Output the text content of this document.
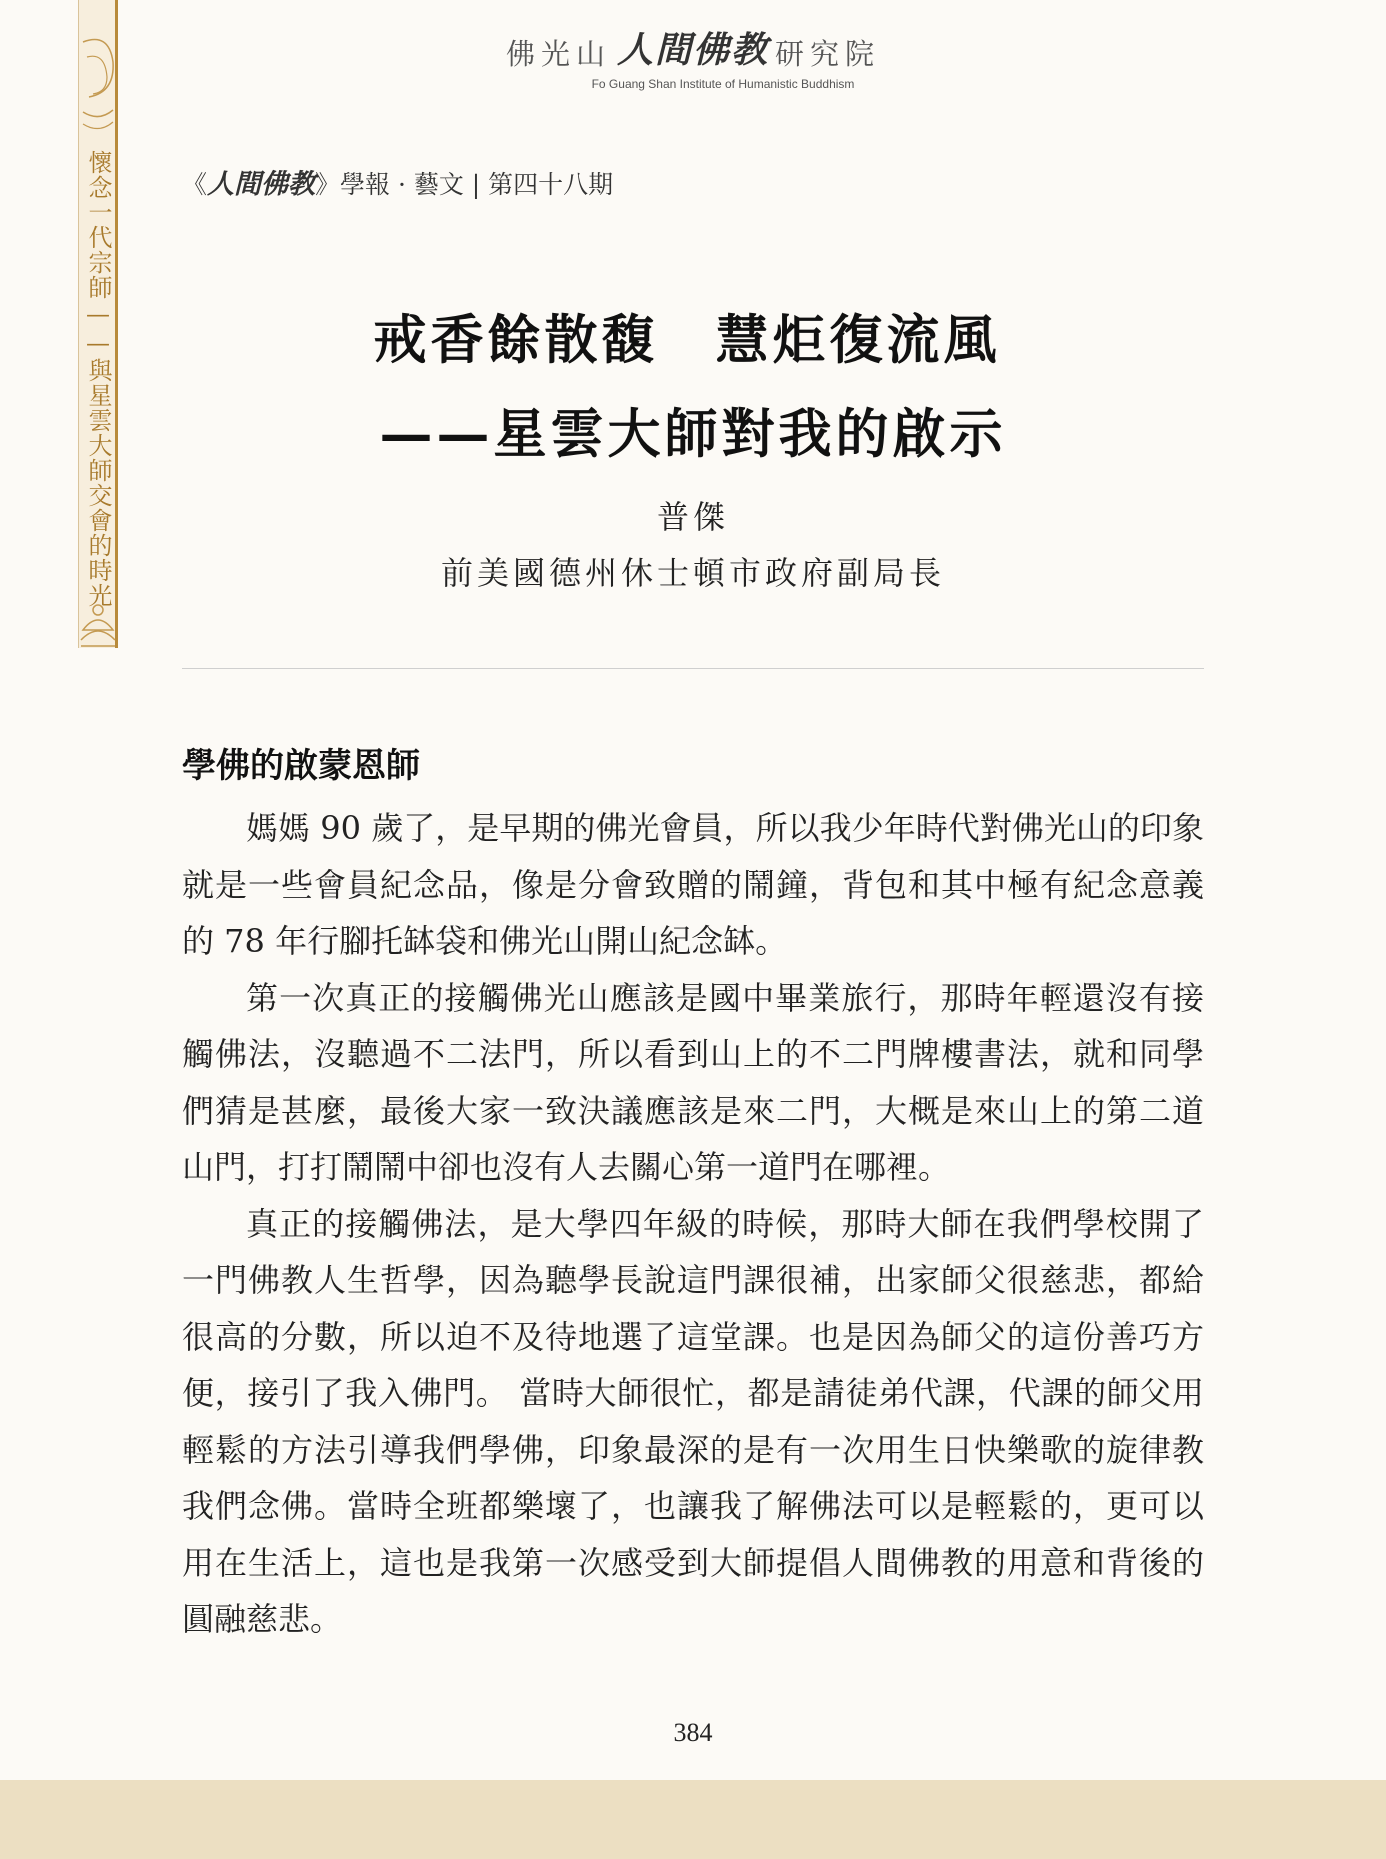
懷念一代宗師——與星雲大師交會的時光
佛光山 人間佛教 研究院
Fo Guang Shan Institute of Humanistic Buddhism
《人間佛教》學報 · 藝文 | 第四十八期
戒香餘散馥　慧炬復流風
——星雲大師對我的啟示
普傑
前美國德州休士頓市政府副局長
學佛的啟蒙恩師

媽媽 90 歲了，是早期的佛光會員，所以我少年時代對佛光山的印象就是一些會員紀念品，像是分會致贈的鬧鐘，背包和其中極有紀念意義的 78 年行腳托缽袋和佛光山開山紀念缽。

第一次真正的接觸佛光山應該是國中畢業旅行，那時年輕還沒有接觸佛法，沒聽過不二法門，所以看到山上的不二門牌樓書法，就和同學們猜是甚麼，最後大家一致決議應該是來二門，大概是來山上的第二道山門，打打鬧鬧中卻也沒有人去關心第一道門在哪裡。

真正的接觸佛法，是大學四年級的時候，那時大師在我們學校開了一門佛教人生哲學，因為聽學長說這門課很補，出家師父很慈悲，都給很高的分數，所以迫不及待地選了這堂課。也是因為師父的這份善巧方便，接引了我入佛門。 當時大師很忙，都是請徒弟代課，代課的師父用輕鬆的方法引導我們學佛，印象最深的是有一次用生日快樂歌的旋律教我們念佛。當時全班都樂壞了，也讓我了解佛法可以是輕鬆的，更可以用在生活上，這也是我第一次感受到大師提倡人間佛教的用意和背後的圓融慈悲。

384
